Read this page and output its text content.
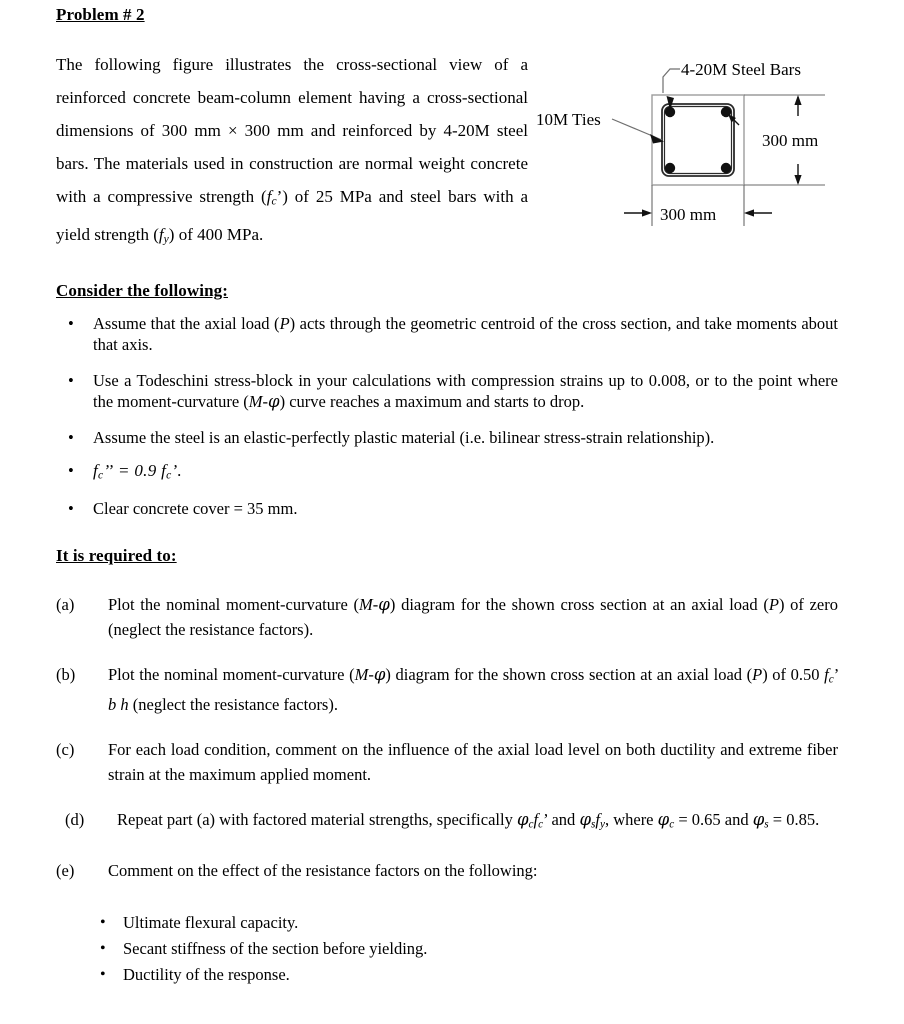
Problem # 2
The following figure illustrates the cross-sectional view of a reinforced concrete beam-column element having a cross-sectional dimensions of 300 mm × 300 mm and reinforced by 4-20M steel bars. The materials used in construction are normal weight concrete with a compressive strength $(f_c’)$ of 25 MPa and steel bars with a yield strength $(f_y)$ of 400 MPa.
4-20M Steel Bars
10M Ties
300 mm
300 mm
Consider the following:
• Assume that the axial load (P) acts through the geometric centroid of the cross section, and take moments about that axis.
• Use a Todeschini stress-block in your calculations with compression strains up to 0.008, or to the point where the moment-curvature (M-φ) curve reaches a maximum and starts to drop.
• Assume the steel is an elastic-perfectly plastic material (i.e. bilinear stress-strain relationship).
• $f_c$’’ = 0.9 $f_c$’.
• Clear concrete cover = 35 mm.
It is required to:
(a) Plot the nominal moment-curvature (M-φ) diagram for the shown cross section at an axial load (P) of zero (neglect the resistance factors).
(b) Plot the nominal moment-curvature (M-φ) diagram for the shown cross section at an axial load (P) of 0.50 $f_c$’ b h (neglect the resistance factors).
(c) For each load condition, comment on the influence of the axial load level on both ductility and extreme fiber strain at the maximum applied moment.
(d) Repeat part (a) with factored material strengths, specifically $\varphi_cf_c$’ and $\varphi_sf_y$, where $\varphi_c = 0.65$ and $\varphi_s = 0.85$.
(e) Comment on the effect of the resistance factors on the following:
• Ultimate flexural capacity.
• Secant stiffness of the section before yielding.
• Ductility of the response.
